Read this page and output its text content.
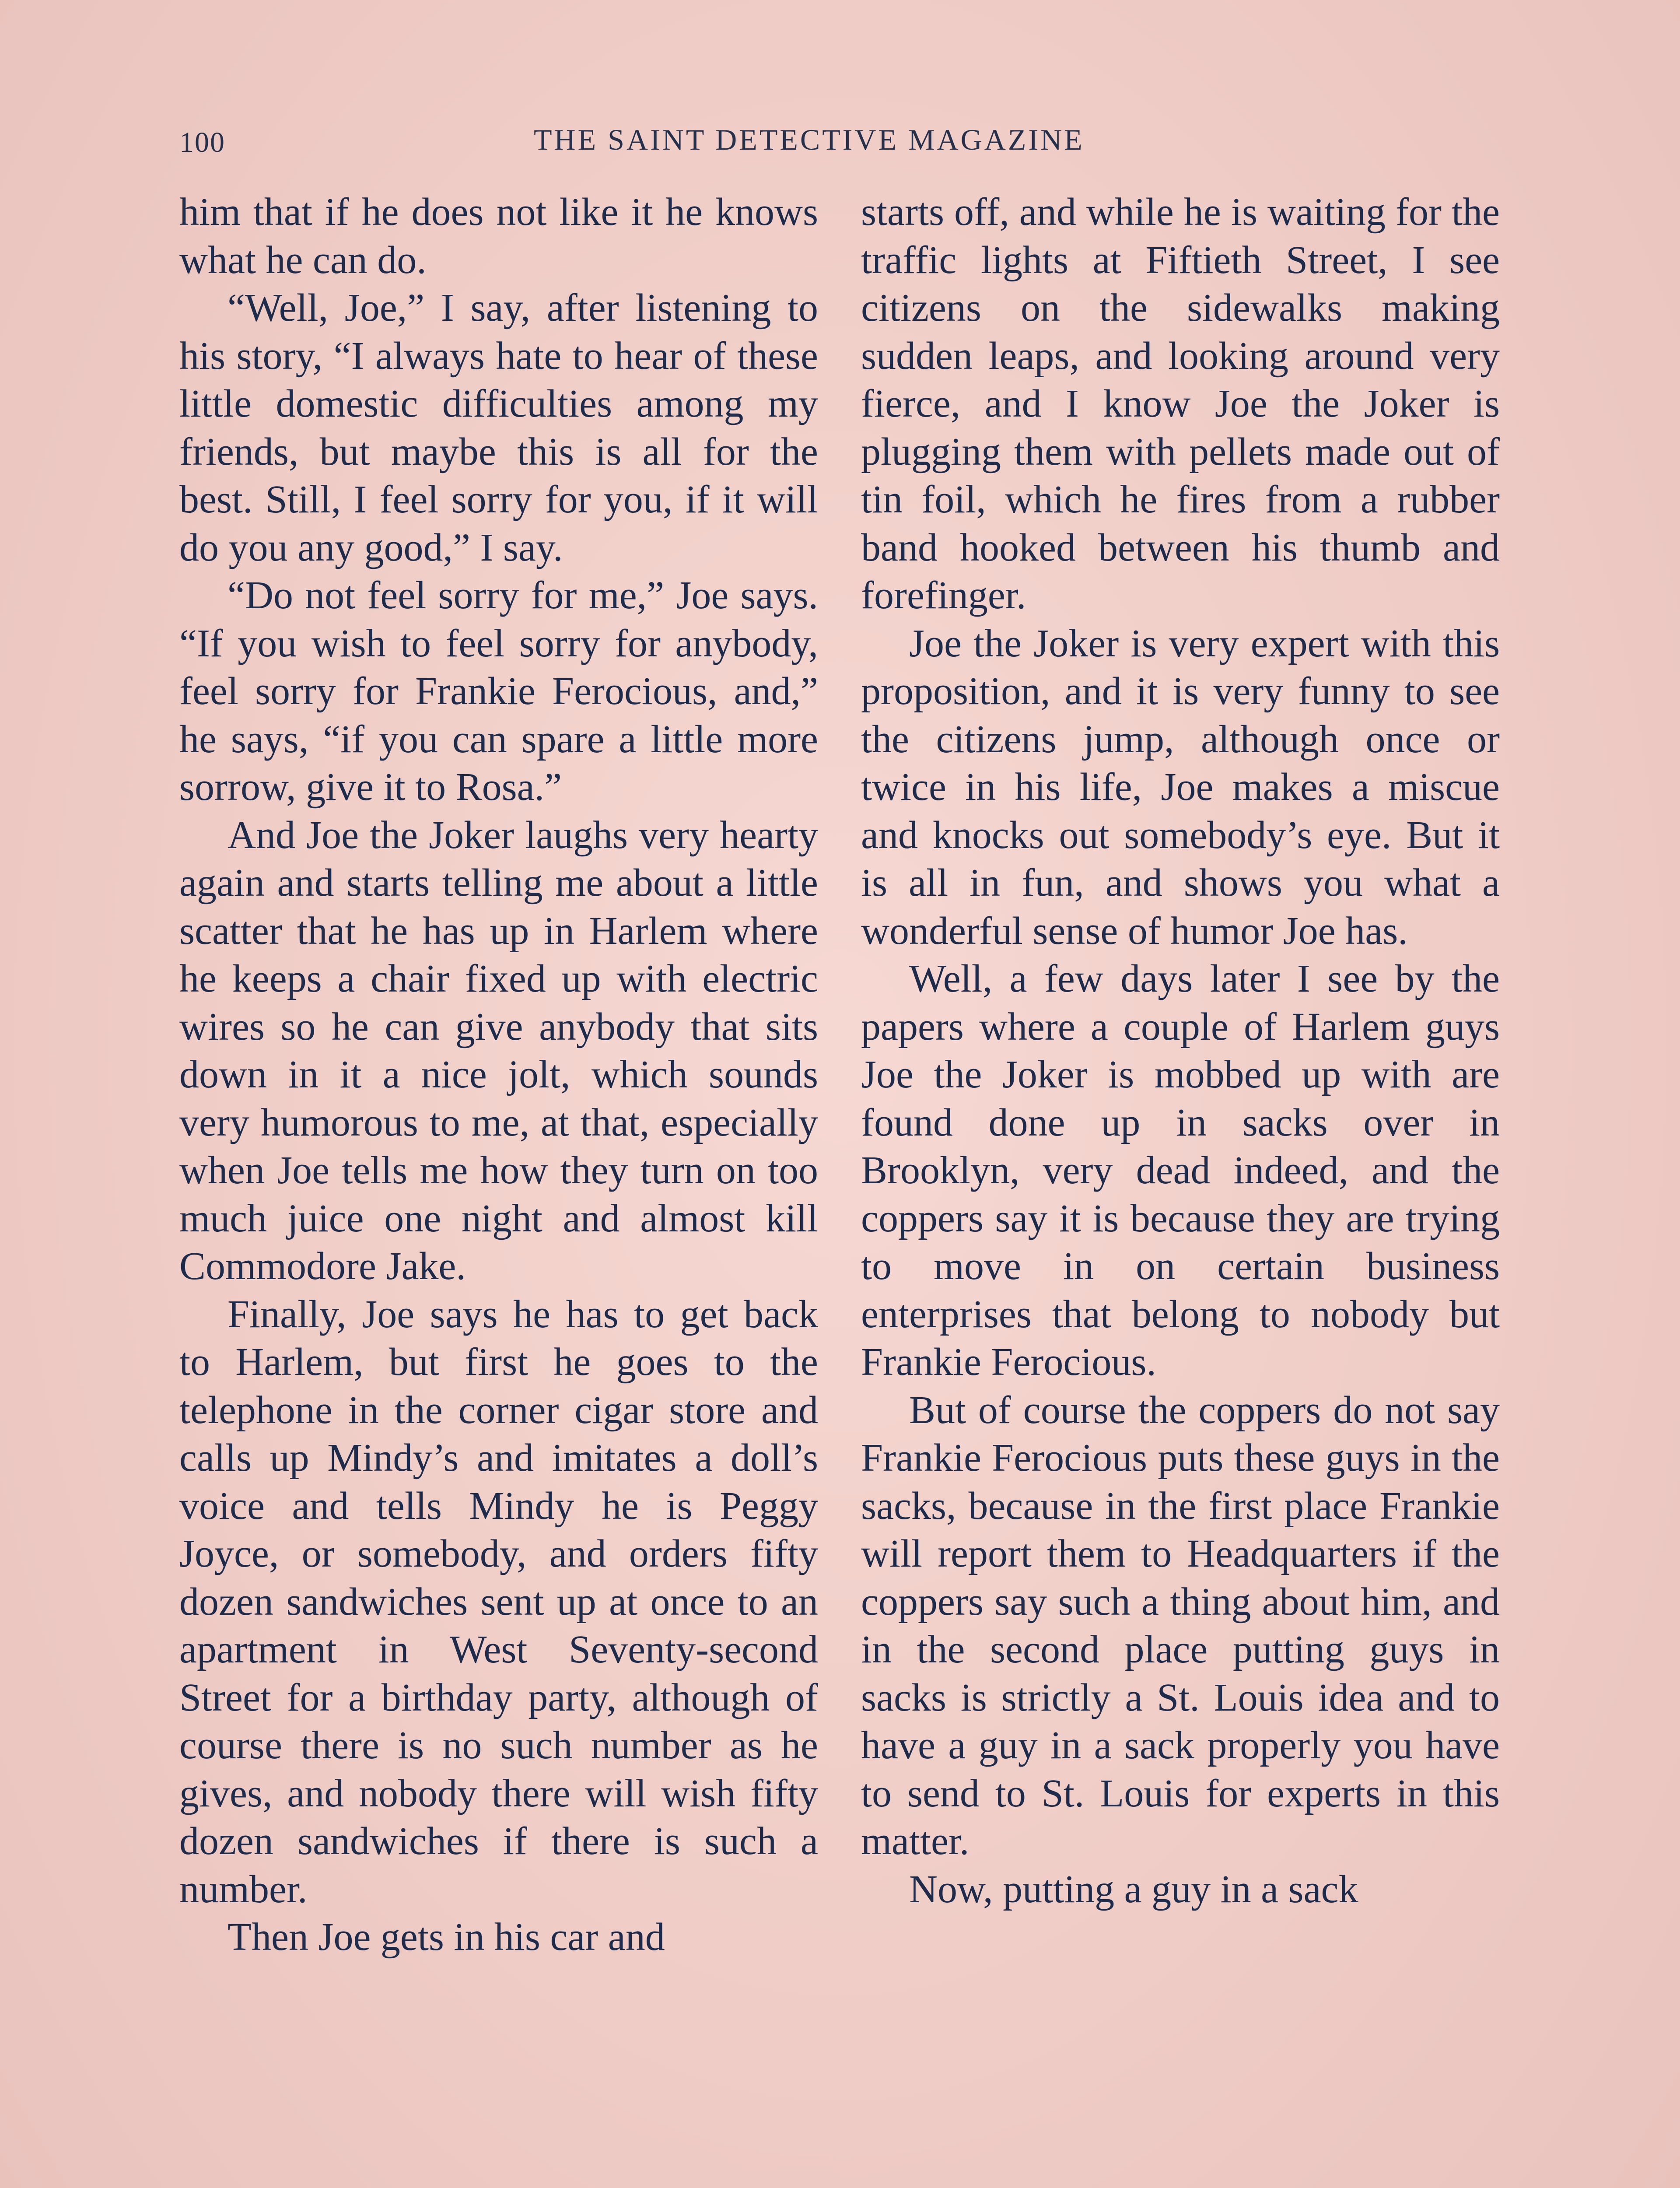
100	THE SAINT DETECTIVE MAGAZINE

him that if he does not like it he knows what he can do.

“Well, Joe,” I say, after listening to his story, “I always hate to hear of these little domestic difficulties among my friends, but maybe this is all for the best. Still, I feel sorry for you, if it will do you any good,” I say.

“Do not feel sorry for me,” Joe says. “If you wish to feel sorry for anybody, feel sorry for Frankie Ferocious, and,” he says, “if you can spare a little more sorrow, give it to Rosa.”

And Joe the Joker laughs very hearty again and starts telling me about a little scatter that he has up in Harlem where he keeps a chair fixed up with electric wires so he can give anybody that sits down in it a nice jolt, which sounds very humorous to me, at that, especially when Joe tells me how they turn on too much juice one night and almost kill Commodore Jake.

Finally, Joe says he has to get back to Harlem, but first he goes to the telephone in the corner cigar store and calls up Mindy’s and imitates a doll’s voice and tells Mindy he is Peggy Joyce, or somebody, and orders fifty dozen sandwiches sent up at once to an apartment in West Seventy-second Street for a birthday party, although of course there is no such number as he gives, and nobody there will wish fifty dozen sandwiches if there is such a number.

Then Joe gets in his car and

starts off, and while he is waiting for the traffic lights at Fiftieth Street, I see citizens on the sidewalks making sudden leaps, and looking around very fierce, and I know Joe the Joker is plugging them with pellets made out of tin foil, which he fires from a rubber band hooked between his thumb and forefinger.

Joe the Joker is very expert with this proposition, and it is very funny to see the citizens jump, although once or twice in his life, Joe makes a miscue and knocks out somebody’s eye. But it is all in fun, and shows you what a wonderful sense of humor Joe has.

Well, a few days later I see by the papers where a couple of Harlem guys Joe the Joker is mobbed up with are found done up in sacks over in Brooklyn, very dead indeed, and the coppers say it is because they are trying to move in on certain business enterprises that belong to nobody but Frankie Ferocious.

But of course the coppers do not say Frankie Ferocious puts these guys in the sacks, because in the first place Frankie will report them to Headquarters if the coppers say such a thing about him, and in the second place putting guys in sacks is strictly a St. Louis idea and to have a guy in a sack properly you have to send to St. Louis for experts in this matter.

Now, putting a guy in a sack
